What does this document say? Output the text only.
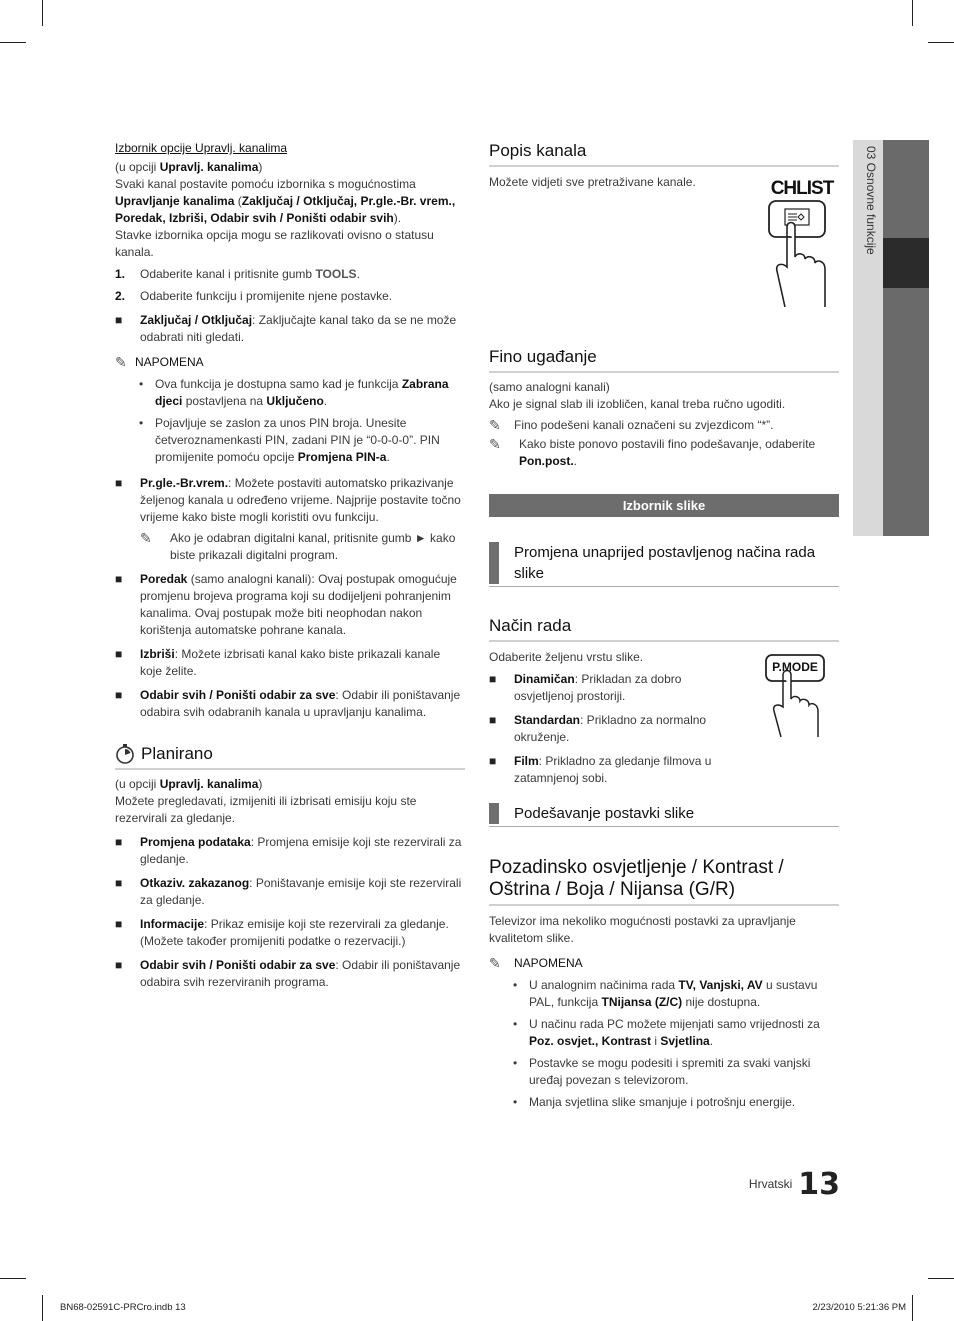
03 Osnovne funkcije

Izbornik opcije Upravlj. kanalima

(u opciji Upravlj. kanalima)

Svaki kanal postavite pomoću izbornika s mogućnostima Upravljanje kanalima (Zaključaj / Otključaj, Pr.gle.-Br. vrem., Poredak, Izbriši, Odabir svih / Poništi odabir svih).

Stavke izbornika opcija mogu se razlikovati ovisno o statusu kanala.

1.	Odaberite kanal i pritisnite gumb TOOLS.
2.	Odaberite funkciju i promijenite njene postavke.
■	Zaključaj / Otključaj: Zaključajte kanal tako da se ne može odabrati niti gledati.
✎ NAPOMENA
• Ova funkcija je dostupna samo kad je funkcija Zabrana djeci postavljena na Uključeno.
• Pojavljuje se zaslon za unos PIN broja. Unesite četveroznamenkasti PIN, zadani PIN je “0-0-0-0”. PIN promijenite pomoću opcije Promjena PIN-a.
■	Pr.gle.-Br.vrem.: Možete postaviti automatsko prikazivanje željenog kanala u određeno vrijeme. Najprije postavite točno vrijeme kako biste mogli koristiti ovu funkciju.
✎	Ako je odabran digitalni kanal, pritisnite gumb ► kako biste prikazali digitalni program.
■	Poredak (samo analogni kanali): Ovaj postupak omogućuje promjenu brojeva programa koji su dodijeljeni pohranjenim kanalima. Ovaj postupak može biti neophodan nakon korištenja automatske pohrane kanala.
■	Izbriši: Možete izbrisati kanal kako biste prikazali kanale koje želite.
■	Odabir svih / Poništi odabir za sve: Odabir ili poništavanje odabira svih odabranih kanala u upravljanju kanalima.
Planirano

(u opciji Upravlj. kanalima)

Možete pregledavati, izmijeniti ili izbrisati emisiju koju ste rezervirali za gledanje.

■	Promjena podataka: Promjena emisije koji ste rezervirali za gledanje.
■	Otkaziv. zakazanog: Poništavanje emisije koji ste rezervirali za gledanje.
■	Informacije: Prikaz emisije koji ste rezervirali za gledanje. (Možete također promijeniti podatke o rezervaciji.)
■	Odabir svih / Poništi odabir za sve: Odabir ili poništavanje odabira svih rezerviranih programa.
Popis kanala

Možete vidjeti sve pretraživane kanale.	CHLIST
Fino ugađanje

(samo analogni kanali)

Ako je signal slab ili izobličen, kanal treba ručno ugoditi.

✎	Fino podešeni kanali označeni su zvjezdicom “*”.
✎	Kako biste ponovo postavili fino podešavanje, odaberite Pon.post..
Izbornik slike
Promjena unaprijed postavljenog načina rada slike
Način rada

Odaberite željenu vrstu slike.

■	Dinamičan: Prikladan za dobro osvjetljenoj prostoriji.
■	Standardan: Prikladno za normalno okruženje.
■	Film: Prikladno za gledanje filmova u zatamnjenoj sobi.
P.MODE
Podešavanje postavki slike
Pozadinsko osvjetljenje / Kontrast / Oštrina / Boja / Nijansa (G/R)

Televizor ima nekoliko mogućnosti postavki za upravljanje kvalitetom slike.

✎	NAPOMENA
• U analognim načinima rada TV, Vanjski, AV u sustavu PAL, funkcija TNijansa (Z/C) nije dostupna.
• U načinu rada PC možete mijenjati samo vrijednosti za Poz. osvjet., Kontrast i Svjetlina.
• Postavke se mogu podesiti i spremiti za svaki vanjski uređaj povezan s televizorom.
• Manja svjetlina slike smanjuje i potrošnju energije.
Hrvatski 13
BN68-02591C-PRCro.indb 13	2/23/2010 5:21:36 PM
